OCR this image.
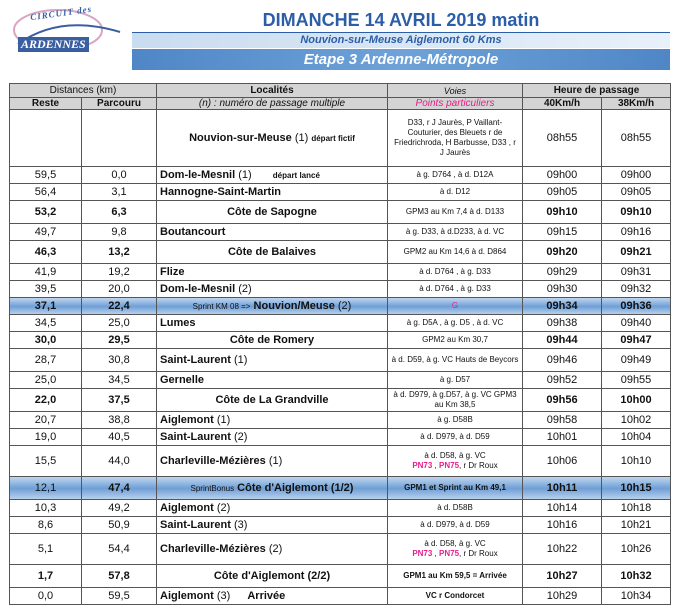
CIRCUIT des
ARDENNES
DIMANCHE 14 AVRIL 2019 matin
Nouvion-sur-Meuse Aiglemont 60 Kms
Etape 3 Ardenne-Métropole
Distances (km)		Localités	Voies	Heure de passage	
Reste	Parcouru	(n) : numéro de passage multiple	Points particuliers	40Km/h	38Km/h
		Nouvion-sur-Meuse (1) départ fictif	D33, r J Jaurès, P Vaillant-Couturier, des Bleuets r de Friedrichroda, H Barbusse, D33 , r J Jaurès	08h55	08h55
59,5	0,0	Dom-le-Mesnil (1) départ lancé	à g. D764 , à d. D12A	09h00	09h00
56,4	3,1	Hannogne-Saint-Martin	à d. D12	09h05	09h05
53,2	6,3	Côte de Sapogne	GPM3 au Km 7,4 à d. D133	09h10	09h10
49,7	9,8	Boutancourt	à g. D33, à d.D233, à d. VC	09h15	09h16
46,3	13,2	Côte de Balaives	GPM2 au Km 14,6 à d. D864	09h20	09h21
41,9	19,2	Flize	à d. D764 , à g. D33	09h29	09h31
39,5	20,0	Dom-le-Mesnil (2)	à d. D764 , à g. D33	09h30	09h32
37,1	22,4	Sprint KM 08 => Nouvion/Meuse (2)	G	09h34	09h36
34,5	25,0	Lumes	à g. D5A , à g. D5 , à d. VC	09h38	09h40
30,0	29,5	Côte de Romery	GPM2 au Km 30,7	09h44	09h47
28,7	30,8	Saint-Laurent (1)	à d. D59, à g. VC Hauts de Beycors	09h46	09h49
25,0	34,5	Gernelle	à g. D57	09h52	09h55
22,0	37,5	Côte de La Grandville	à d. D979, à g.D57, à g. VC GPM3 au Km 38,5	09h56	10h00
20,7	38,8	Aiglemont (1)	à g. D58B	09h58	10h02
19,0	40,5	Saint-Laurent (2)	à d. D979, à d. D59	10h01	10h04
15,5	44,0	Charleville-Mézières (1)	à d. D58, à g. VC
PN73 , PN75, r Dr Roux	10h06	10h10
12,1	47,4	SprintBonus Côte d'Aiglemont (1/2)	GPM1 et Sprint au Km 49,1	10h11	10h15
10,3	49,2	Aiglemont (2)	à d. D58B	10h14	10h18
8,6	50,9	Saint-Laurent (3)	à d. D979, à d. D59	10h16	10h21
5,1	54,4	Charleville-Mézières (2)	à d. D58, à g. VC
PN73 , PN75, r Dr Roux	10h22	10h26
1,7	57,8	Côte d'Aiglemont (2/2)	GPM1 au Km 59,5 = Arrivée	10h27	10h32
0,0	59,5	Aiglemont (3) Arrivée	VC r Condorcet	10h29	10h34
